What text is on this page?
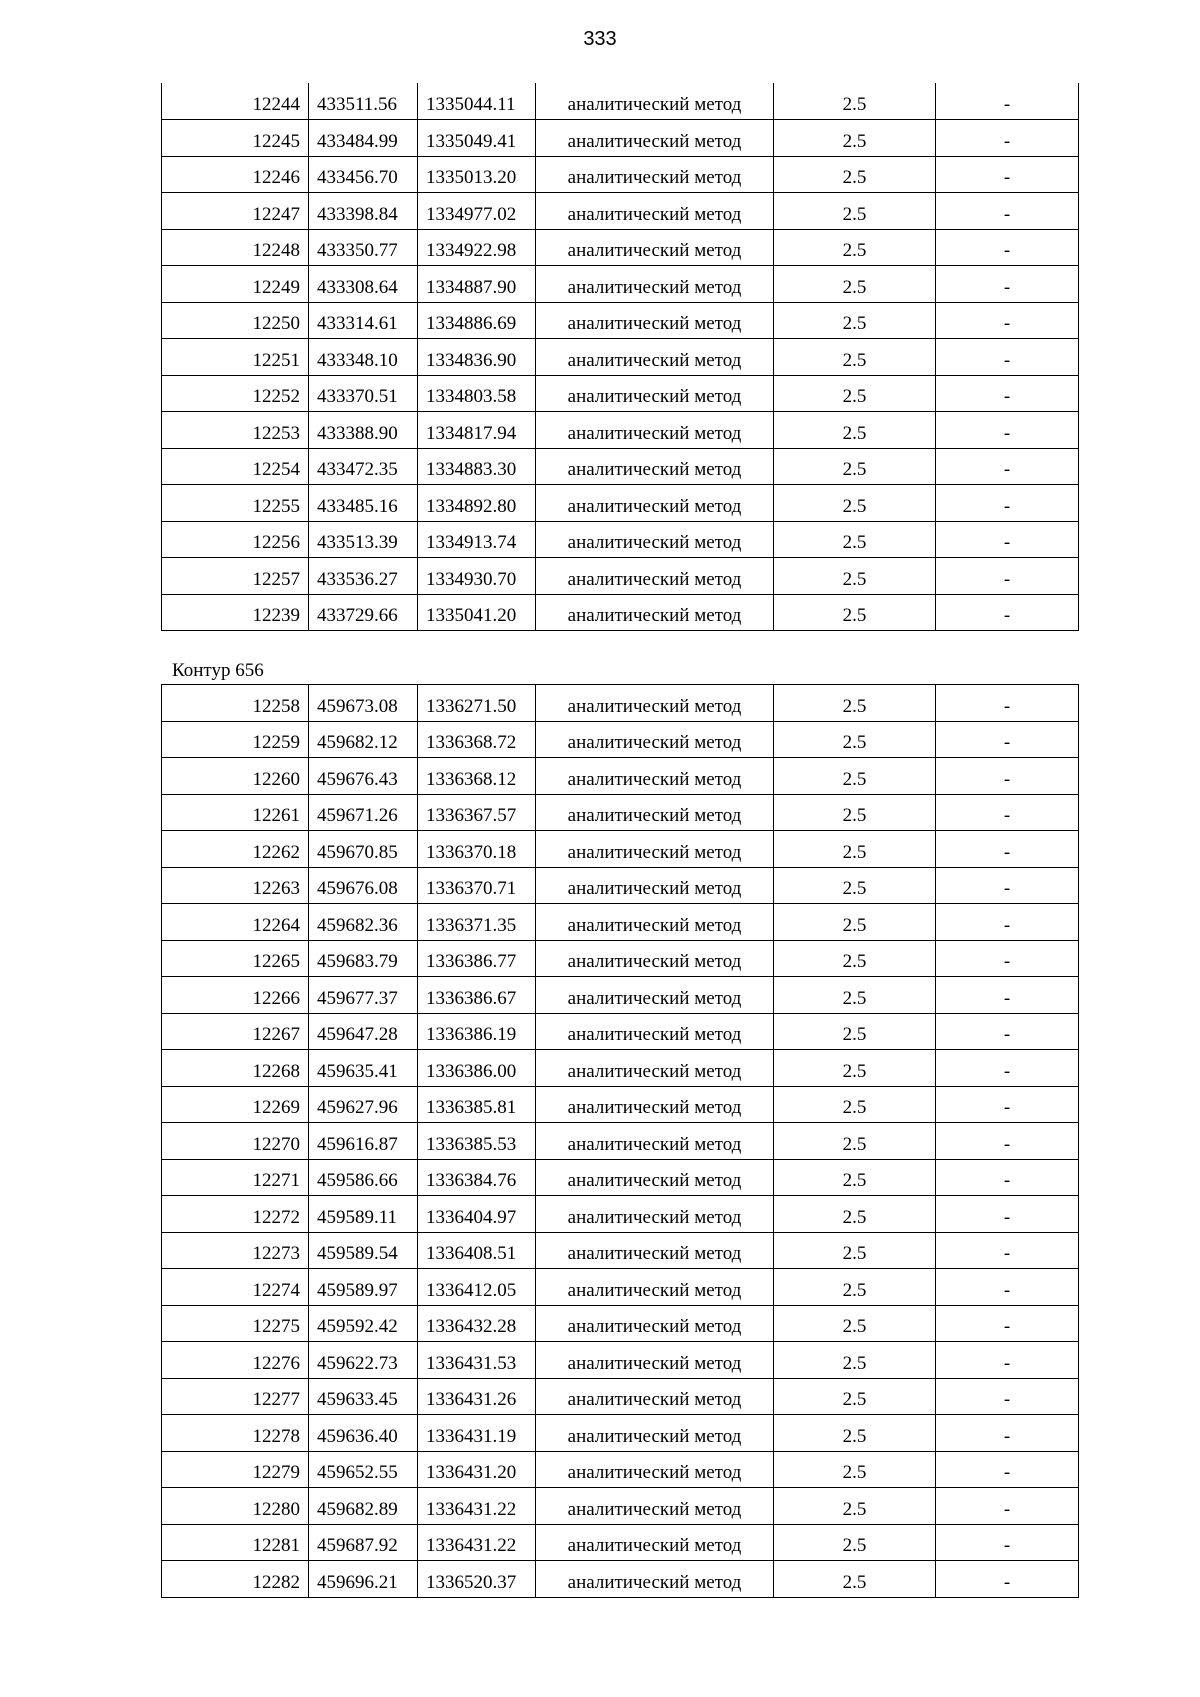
333
12244	433511.56	1335044.11	аналитический метод	2.5	-
12245	433484.99	1335049.41	аналитический метод	2.5	-
12246	433456.70	1335013.20	аналитический метод	2.5	-
12247	433398.84	1334977.02	аналитический метод	2.5	-
12248	433350.77	1334922.98	аналитический метод	2.5	-
12249	433308.64	1334887.90	аналитический метод	2.5	-
12250	433314.61	1334886.69	аналитический метод	2.5	-
12251	433348.10	1334836.90	аналитический метод	2.5	-
12252	433370.51	1334803.58	аналитический метод	2.5	-
12253	433388.90	1334817.94	аналитический метод	2.5	-
12254	433472.35	1334883.30	аналитический метод	2.5	-
12255	433485.16	1334892.80	аналитический метод	2.5	-
12256	433513.39	1334913.74	аналитический метод	2.5	-
12257	433536.27	1334930.70	аналитический метод	2.5	-
12239	433729.66	1335041.20	аналитический метод	2.5	-
Контур 656
12258	459673.08	1336271.50	аналитический метод	2.5	-
12259	459682.12	1336368.72	аналитический метод	2.5	-
12260	459676.43	1336368.12	аналитический метод	2.5	-
12261	459671.26	1336367.57	аналитический метод	2.5	-
12262	459670.85	1336370.18	аналитический метод	2.5	-
12263	459676.08	1336370.71	аналитический метод	2.5	-
12264	459682.36	1336371.35	аналитический метод	2.5	-
12265	459683.79	1336386.77	аналитический метод	2.5	-
12266	459677.37	1336386.67	аналитический метод	2.5	-
12267	459647.28	1336386.19	аналитический метод	2.5	-
12268	459635.41	1336386.00	аналитический метод	2.5	-
12269	459627.96	1336385.81	аналитический метод	2.5	-
12270	459616.87	1336385.53	аналитический метод	2.5	-
12271	459586.66	1336384.76	аналитический метод	2.5	-
12272	459589.11	1336404.97	аналитический метод	2.5	-
12273	459589.54	1336408.51	аналитический метод	2.5	-
12274	459589.97	1336412.05	аналитический метод	2.5	-
12275	459592.42	1336432.28	аналитический метод	2.5	-
12276	459622.73	1336431.53	аналитический метод	2.5	-
12277	459633.45	1336431.26	аналитический метод	2.5	-
12278	459636.40	1336431.19	аналитический метод	2.5	-
12279	459652.55	1336431.20	аналитический метод	2.5	-
12280	459682.89	1336431.22	аналитический метод	2.5	-
12281	459687.92	1336431.22	аналитический метод	2.5	-
12282	459696.21	1336520.37	аналитический метод	2.5	-
